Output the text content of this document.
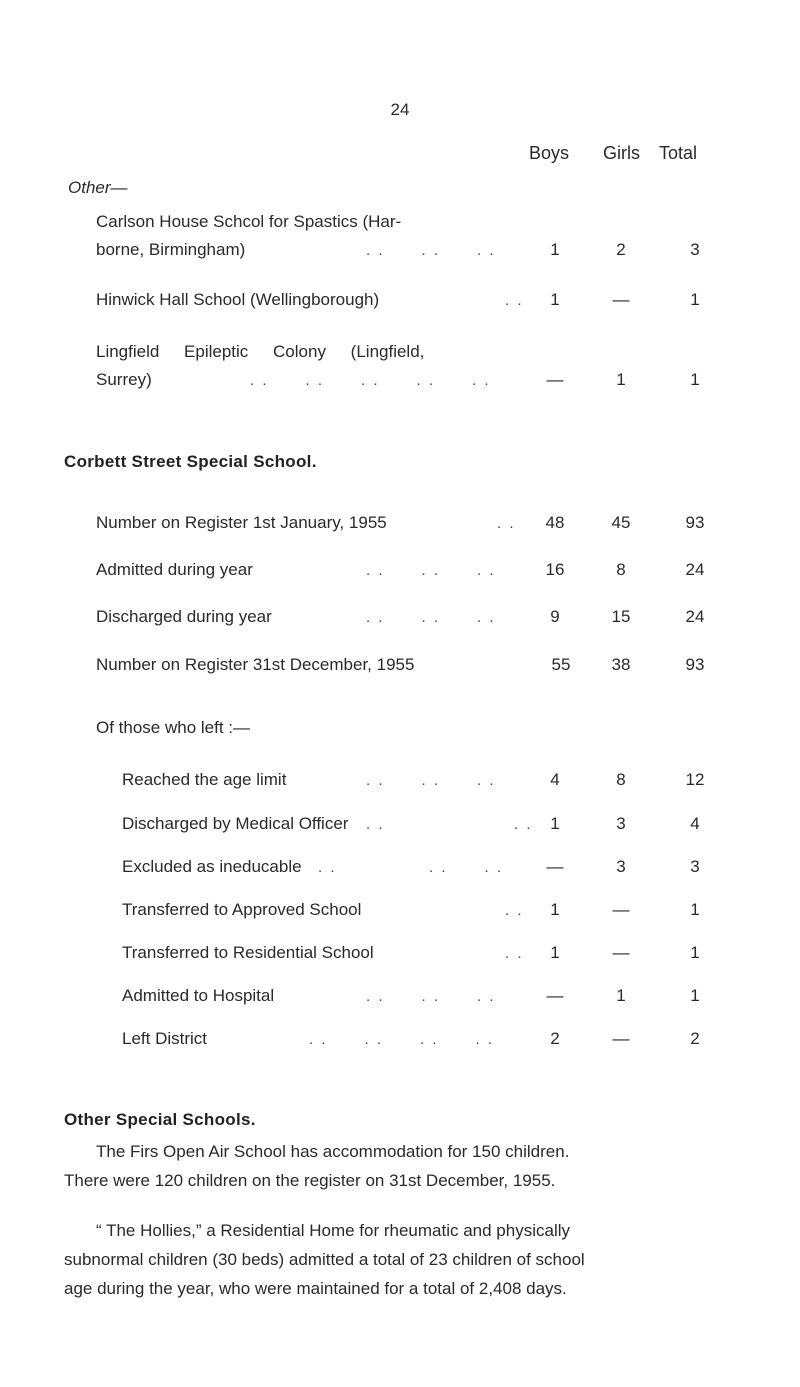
24
Boys Girls Total
Other—
Carlson House Schcol for Spastics (Har-
borne, Birmingham)	. .      . .      . .	1	2	3
Hinwick Hall School (Wellingborough)	. .	1	—	1
Lingfield Epileptic Colony (Lingfield,
Surrey)	. .      . .      . .      . .      . .	—	1	1
Corbett Street Special School.
Number on Register 1st January, 1955	. .	48	45	93
Admitted during year	. .      . .      . .	16	8	24
Discharged during year	. .      . .      . .	9	15	24
Number on Register 31st December, 1955	55	38	93
Of those who left :—
Reached the age limit	. .      . .      . .	4	8	12
Discharged by Medical Officer . .                     . .	1	3	4
Excluded as ineducable . .               . .      . .	—	3	3
Transferred to Approved School	. .	1	—	1
Transferred to Residential School	. .	1	—	1
Admitted to Hospital	. .      . .      . .	—	1	1
Left District	. .      . .      . .      . .	2	—	2
Other Special Schools.
The Firs Open Air School has accommodation for 150 children.
There were 120 children on the register on 31st December, 1955.
“ The Hollies,” a Residential Home for rheumatic and physically
subnormal children (30 beds) admitted a total of 23 children of school
age during the year, who were maintained for a total of 2,408 days.
